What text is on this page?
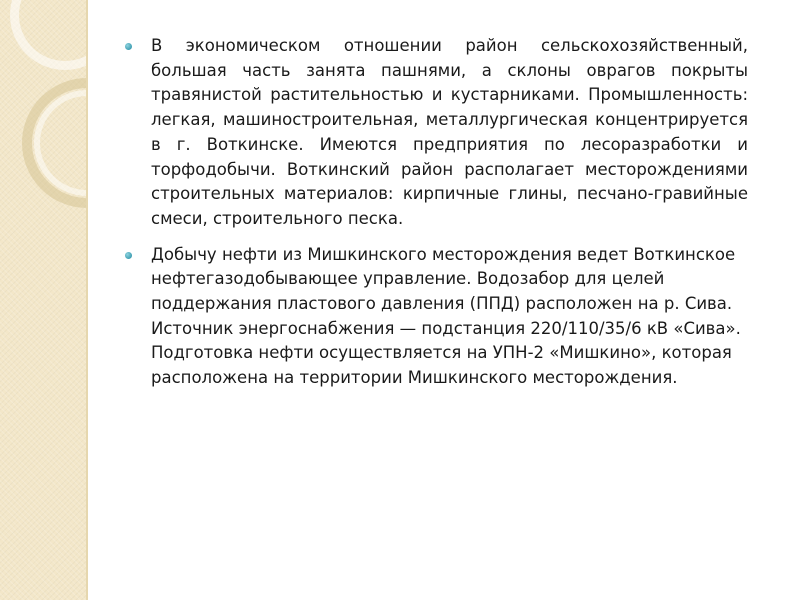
В экономическом отношении район сельскохозяйственный, большая часть занята пашнями, а склоны оврагов покрыты травянистой растительностью и кустарниками. Промышленность: легкая, машиностроительная, металлургическая концентрируется в г. Воткинске. Имеются предприятия по лесоразработки и торфодобычи. Воткинский район располагает месторождениями строительных материалов: кирпичные глины, песчано-гравийные смеси, строительного песка.
Добычу нефти из Мишкинского месторождения ведет Воткинское нефтегазодобывающее управление. Водозабор для целей поддержания пластового давления (ППД) расположен на р. Сива. Источник энергоснабжения — подстанция 220/110/35/6 кВ «Сива». Подготовка нефти осуществляется на УПН-2 «Мишкино», которая расположена на территории Мишкинского месторождения.
